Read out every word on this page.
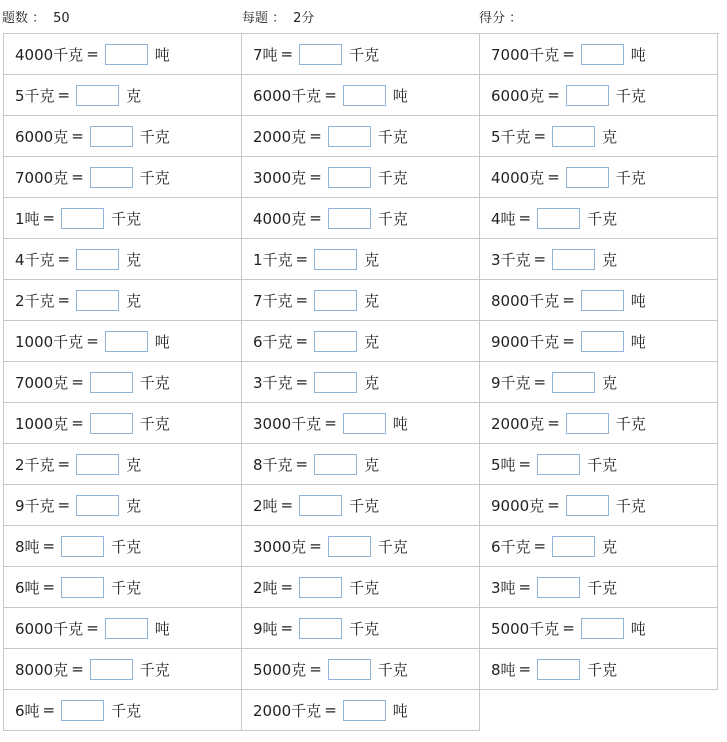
题数 ： 50	每题 ： 2分	得分 ：
4000千克 =	吨	7吨 =	千克	7000千克 =	吨
5千克 =	克	6000千克 =	吨	6000克 =	千克
6000克 =	千克	2000克 =	千克	5千克 =	克
7000克 =	千克	3000克 =	千克	4000克 =	千克
1吨 =	千克	4000克 =	千克	4吨 =	千克
4千克 =	克	1千克 =	克	3千克 =	克
2千克 =	克	7千克 =	克	8000千克 =	吨
1000千克 =	吨	6千克 =	克	9000千克 =	吨
7000克 =	千克	3千克 =	克	9千克 =	克
1000克 =	千克	3000千克 =	吨	2000克 =	千克
2千克 =	克	8千克 =	克	5吨 =	千克
9千克 =	克	2吨 =	千克	9000克 =	千克
8吨 =	千克	3000克 =	千克	6千克 =	克
6吨 =	千克	2吨 =	千克	3吨 =	千克
6000千克 =	吨	9吨 =	千克	5000千克 =	吨
8000克 =	千克	5000克 =	千克	8吨 =	千克
6吨 =	千克	2000千克 =	吨
